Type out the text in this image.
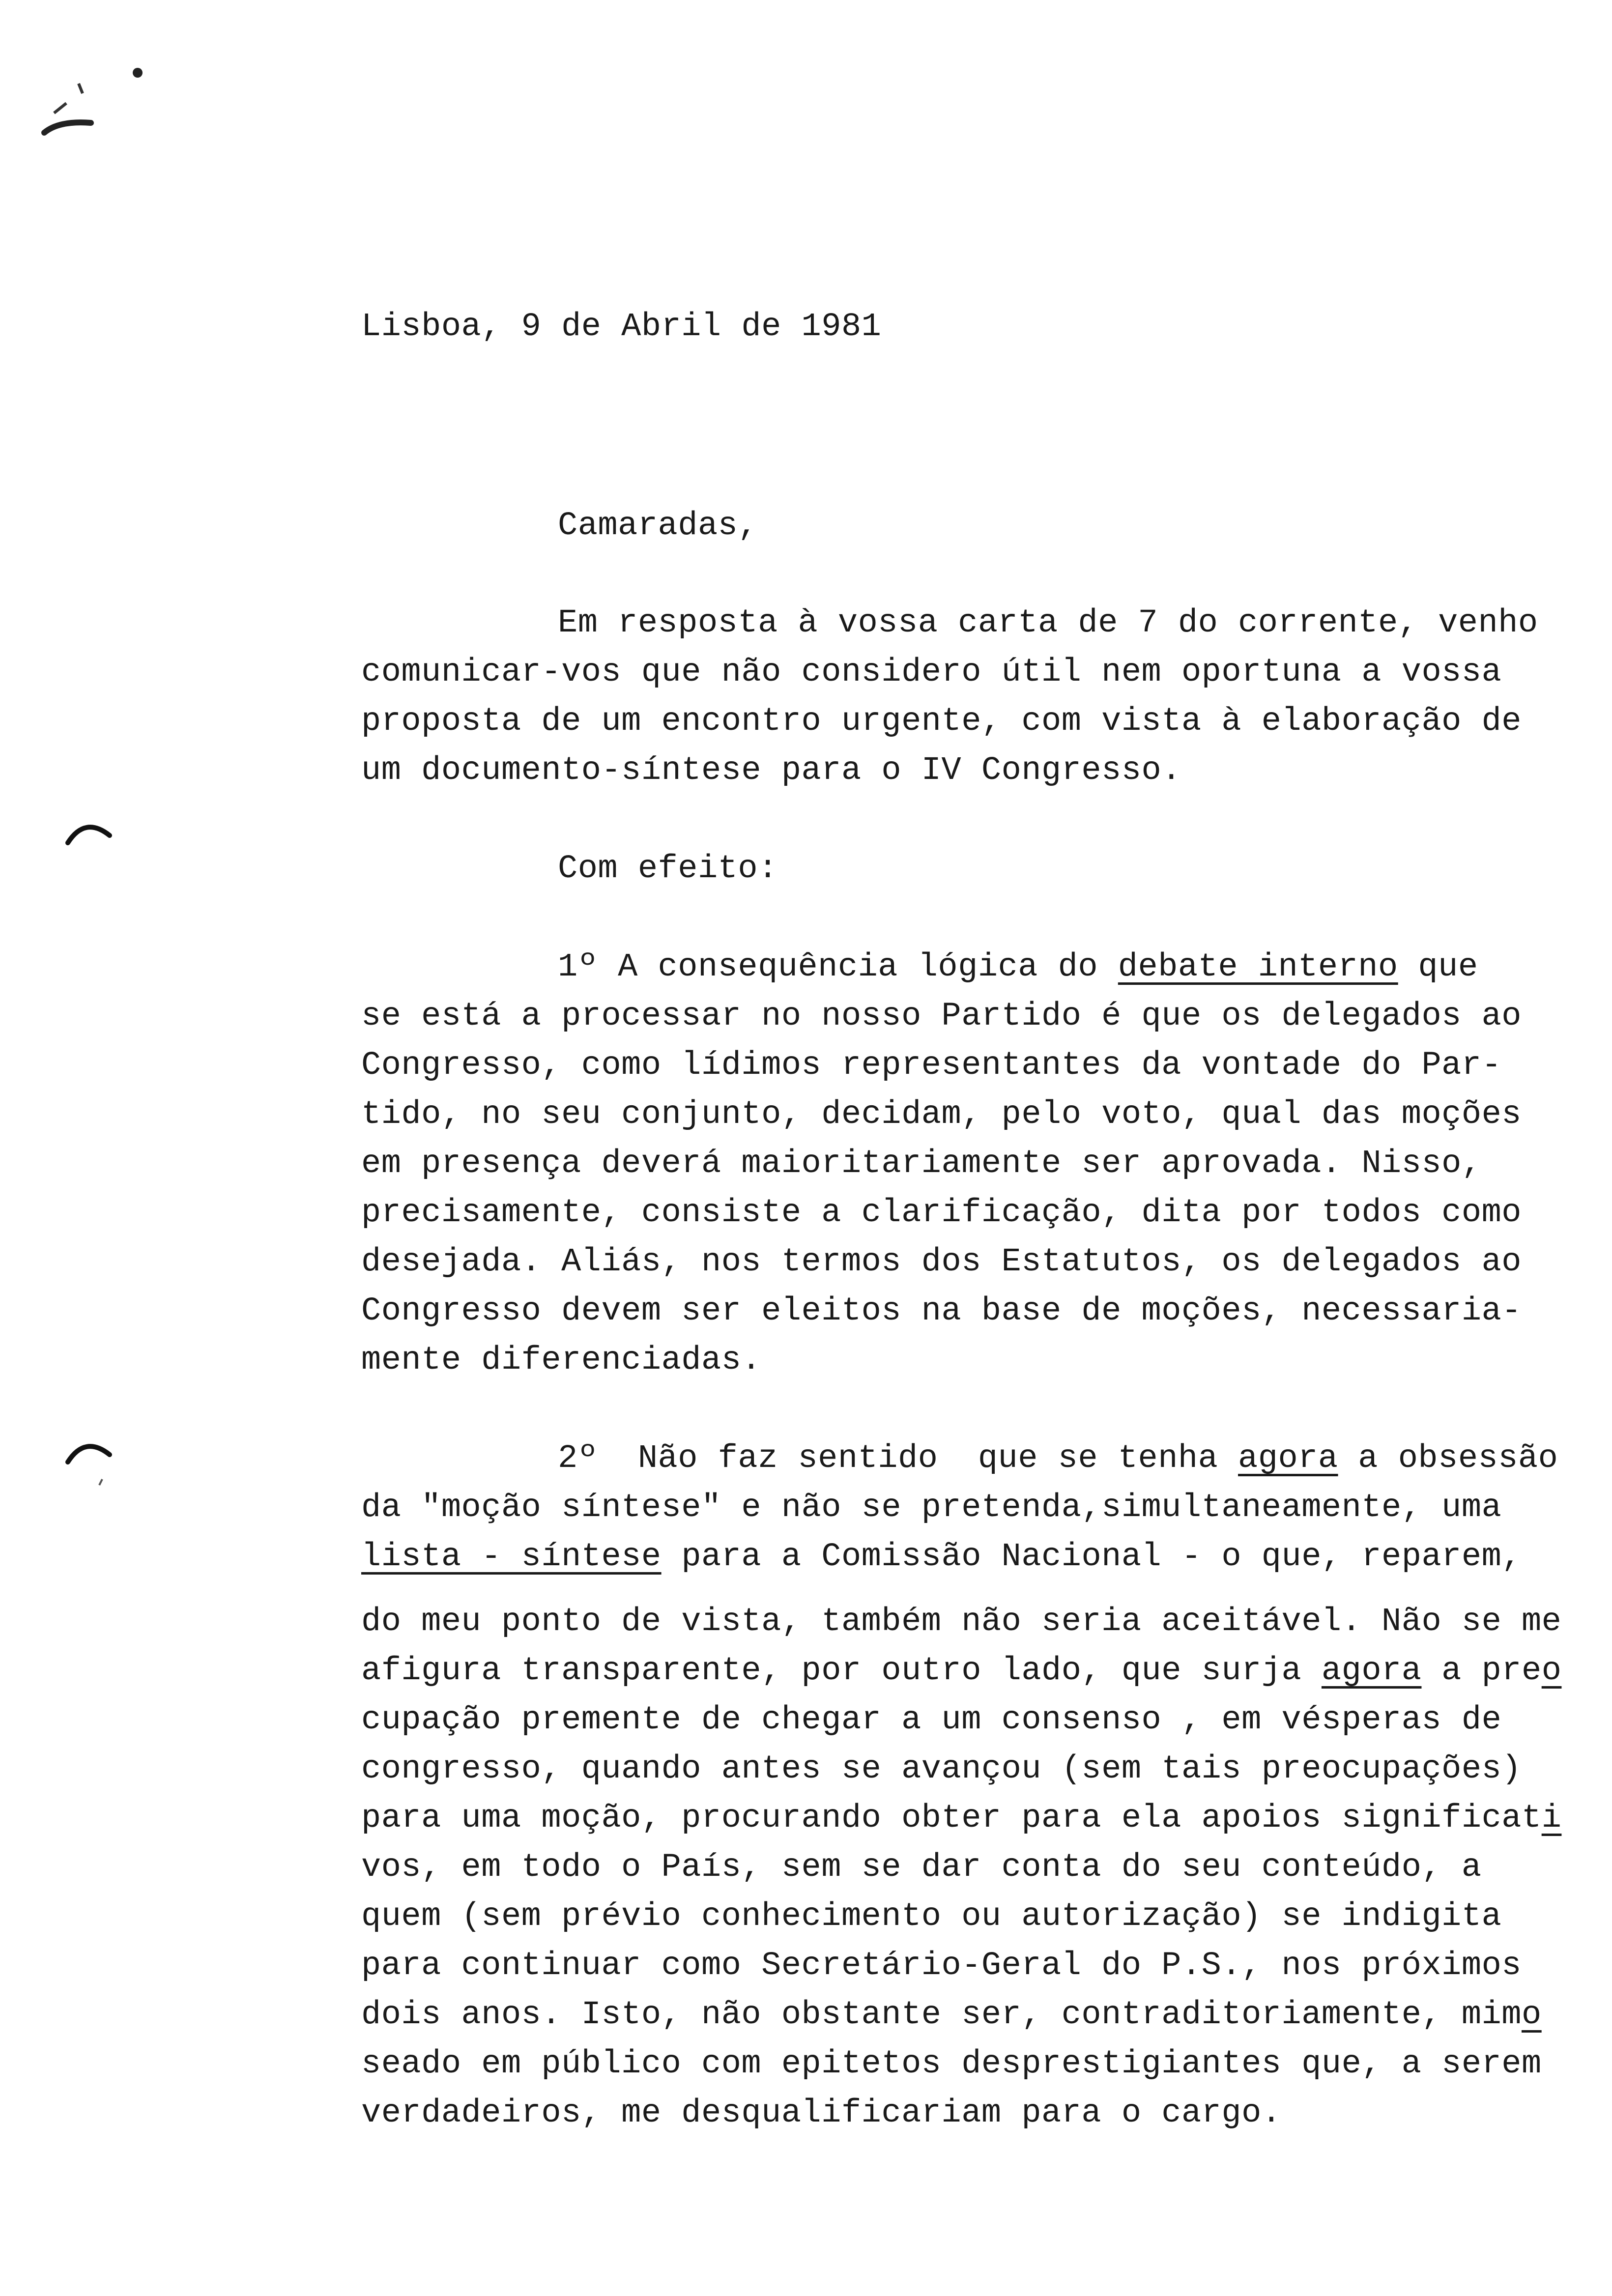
Lisboa, 9 de Abril de 1981
Camaradas,
Em resposta à vossa carta de 7 do corrente, venho
comunicar-vos que não considero útil nem oportuna a vossa
proposta de um encontro urgente, com vista à elaboração de
um documento-síntese para o IV Congresso.
Com efeito:
1º A consequência lógica do debate interno que
se está a processar no nosso Partido é que os delegados ao
Congresso, como lídimos representantes da vontade do Par-
tido, no seu conjunto, decidam, pelo voto, qual das moções
em presença deverá maioritariamente ser aprovada. Nisso,
precisamente, consiste a clarificação, dita por todos como
desejada. Aliás, nos termos dos Estatutos, os delegados ao
Congresso devem ser eleitos na base de moções, necessaria-
mente diferenciadas.
2º  Não faz sentido  que se tenha agora a obsessão
da "moção síntese" e não se pretenda,simultaneamente, uma
lista - síntese para a Comissão Nacional - o que, reparem,
do meu ponto de vista, também não seria aceitável. Não se me
afigura transparente, por outro lado, que surja agora a preo
cupação premente de chegar a um consenso , em vésperas de
congresso, quando antes se avançou (sem tais preocupações)
para uma moção, procurando obter para ela apoios significati
vos, em todo o País, sem se dar conta do seu conteúdo, a
quem (sem prévio conhecimento ou autorização) se indigita
para continuar como Secretário-Geral do P.S., nos próximos
dois anos. Isto, não obstante ser, contraditoriamente, mimo
seado em público com epitetos desprestigiantes que, a serem
verdadeiros, me desqualificariam para o cargo.
